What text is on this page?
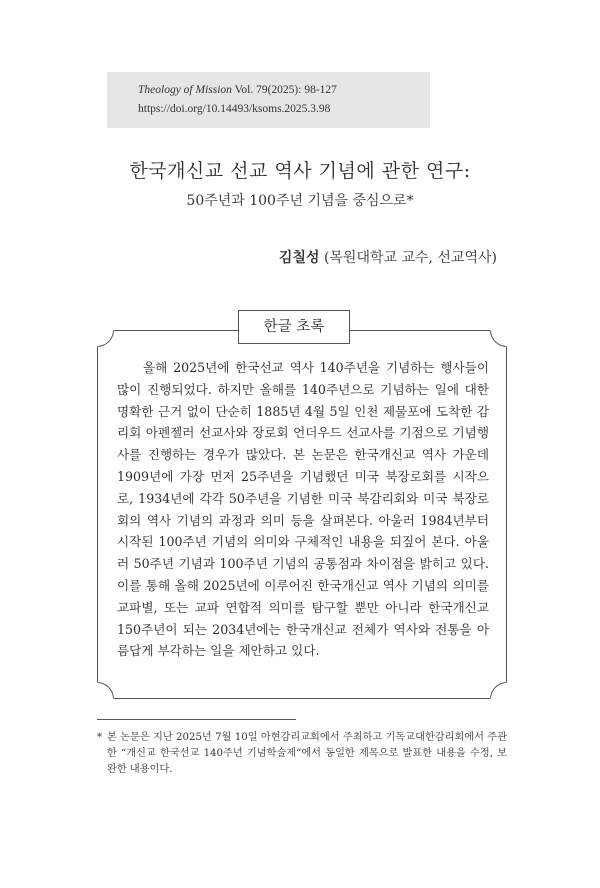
Theology of Mission Vol. 79(2025): 98-127
https://doi.org/10.14493/ksoms.2025.3.98
한국개신교 선교 역사 기념에 관한 연구:
50주년과 100주년 기념을 중심으로*
김칠성 (목원대학교 교수, 선교역사)
한글 초록

올해 2025년에 한국선교 역사 140주년을 기념하는 행사들이 많이 진행되었다. 하지만 올해를 140주년으로 기념하는 일에 대한 명확한 근거 없이 단순히 1885년 4월 5일 인천 제물포에 도착한 감리회 아펜젤러 선교사와 장로회 언더우드 선교사를 기점으로 기념행사를 진행하는 경우가 많았다. 본 논문은 한국개신교 역사 가운데 1909년에 가장 먼저 25주년을 기념했던 미국 북장로회를 시작으로, 1934년에 각각 50주년을 기념한 미국 북감리회와 미국 북장로회의 역사 기념의 과정과 의미 등을 살펴본다. 아울러 1984년부터 시작된 100주년 기념의 의미와 구체적인 내용을 되짚어 본다. 아울러 50주년 기념과 100주년 기념의 공통점과 차이점을 밝히고 있다. 이를 통해 올해 2025년에 이루어진 한국개신교 역사 기념의 의미를 교파별, 또는 교파 연합적 의미를 탐구할 뿐만 아니라 한국개신교 150주년이 되는 2034년에는 한국개신교 전체가 역사와 전통을 아름답게 부각하는 일을 제안하고 있다.

* 본 논문은 지난 2025년 7월 10일 아현감리교회에서 주최하고 기독교대한감리회에서 주관한 “개신교 한국선교 140주년 기념학술제”에서 동일한 제목으로 발표한 내용을 수정, 보완한 내용이다.
